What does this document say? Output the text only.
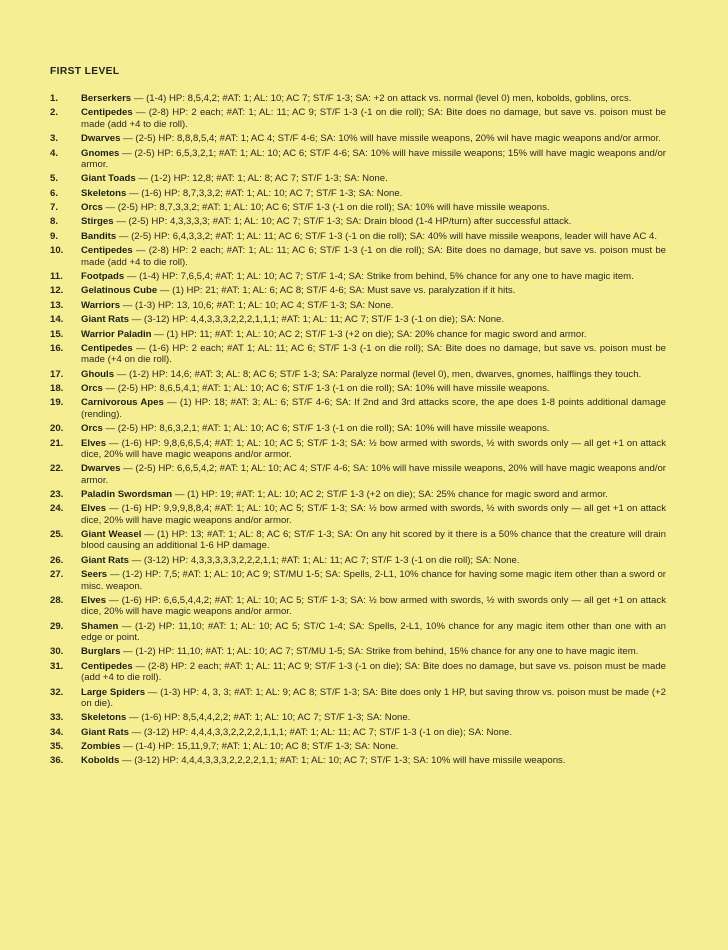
FIRST LEVEL
1.	Berserkers — (1-4) HP: 8,5,4,2; #AT: 1; AL: 10; AC 7; ST/F 1-3; SA: +2 on attack vs. normal (level 0) men, kobolds, goblins, orcs.
2.	Centipedes — (2-8) HP: 2 each; #AT: 1; AL: 11; AC 9; ST/F 1-3 (-1 on die roll); SA: Bite does no damage, but save vs. poison must be made (add +4 to die roll).
3.	Dwarves — (2-5) HP: 8,8,8,5,4; #AT: 1; AC 4; ST/F 4-6; SA: 10% will have missile weapons, 20% wil have magic weapons and/or armor.
4.	Gnomes — (2-5) HP: 6,5,3,2,1; #AT: 1; AL: 10; AC 6; ST/F 4-6; SA: 10% will have missile weapons; 15% will have magic weapons and/or armor.
5.	Giant Toads — (1-2) HP: 12,8; #AT: 1; AL: 8; AC 7; ST/F 1-3; SA: None.
6.	Skeletons — (1-6) HP: 8,7,3,3,2; #AT: 1; AL: 10; AC 7; ST/F 1-3; SA: None.
7.	Orcs — (2-5) HP: 8,7,3,3,2; #AT: 1; AL: 10; AC 6; ST/F 1-3 (-1 on die roll); SA: 10% will have missile weapons.
8.	Stirges — (2-5) HP: 4,3,3,3,3; #AT: 1; AL: 10; AC 7; ST/F 1-3; SA: Drain blood (1-4 HP/turn) after successful attack.
9.	Bandits — (2-5) HP: 6,4,3,3,2; #AT: 1; AL: 11; AC 6; ST/F 1-3 (-1 on die roll); SA: 40% will have missile weapons, leader will have AC 4.
10.	Centipedes — (2-8) HP: 2 each; #AT: 1; AL: 11; AC 6; ST/F 1-3 (-1 on die roll); SA: Bite does no damage, but save vs. poison must be made (add +4 to die roll).
11.	Footpads — (1-4) HP: 7,6,5,4; #AT: 1; AL: 10; AC 7; ST/F 1-4; SA: Strike from behind, 5% chance for any one to have magic item.
12.	Gelatinous Cube — (1) HP: 21; #AT: 1; AL: 6; AC 8; ST/F 4-6; SA: Must save vs. paralyzation if it hits.
13.	Warriors — (1-3) HP: 13, 10,6; #AT: 1; AL: 10; AC 4; ST/F 1-3; SA: None.
14.	Giant Rats — (3-12) HP: 4,4,3,3,3,2,2,2,1,1,1; #AT: 1; AL: 11; AC 7; ST/F 1-3 (-1 on die); SA: None.
15.	Warrior Paladin — (1) HP: 11; #AT: 1; AL: 10; AC 2; ST/F 1-3 (+2 on die); SA: 20% chance for magic sword and armor.
16.	Centipedes — (1-6) HP: 2 each; #AT 1; AL: 11; AC 6; ST/F 1-3 (-1 on die roll); SA: Bite does no damage, but save vs. poison must be made (+4 on die roll).
17.	Ghouls — (1-2) HP: 14,6; #AT: 3; AL: 8; AC 6; ST/F 1-3; SA: Paralyze normal (level 0), men, dwarves, gnomes, halflings they touch.
18.	Orcs — (2-5) HP: 8,6,5,4,1; #AT: 1; AL: 10; AC 6; ST/F 1-3 (-1 on die roll); SA: 10% will have missile weapons.
19.	Carnivorous Apes — (1) HP: 18; #AT: 3; AL: 6; ST/F 4-6; SA: If 2nd and 3rd attacks score, the ape does 1-8 points additional damage (rending).
20.	Orcs — (2-5) HP: 8,6,3,2,1; #AT: 1; AL: 10; AC 6; ST/F 1-3 (-1 on die roll); SA: 10% will have missile weapons.
21.	Elves — (1-6) HP: 9,8,6,6,5,4; #AT: 1; AL: 10; AC 5; ST/F 1-3; SA: ½ bow armed with swords, ½ with swords only — all get +1 on attack dice, 20% will have magic weapons and/or armor.
22.	Dwarves — (2-5) HP: 6,6,5,4,2; #AT: 1; AL: 10; AC 4; ST/F 4-6; SA: 10% will have missile weapons, 20% will have magic weapons and/or armor.
23.	Paladin Swordsman — (1) HP: 19; #AT: 1; AL: 10; AC 2; ST/F 1-3 (+2 on die); SA: 25% chance for magic sword and armor.
24.	Elves — (1-6) HP: 9,9,9,8,8,4; #AT: 1; AL: 10; AC 5; ST/F 1-3; SA: ½ bow armed with swords, ½ with swords only — all get +1 on attack dice, 20% will have magic weapons and/or armor.
25.	Giant Weasel — (1) HP: 13; #AT: 1; AL: 8; AC 6; ST/F 1-3; SA: On any hit scored by it there is a 50% chance that the creature will drain blood causing an additional 1-6 HP damage.
26.	Giant Rats — (3-12) HP: 4,3,3,3,3,3,2,2,2,1,1; #AT: 1; AL: 11; AC 7; ST/F 1-3 (-1 on die roll); SA: None.
27.	Seers — (1-2) HP: 7,5; #AT: 1; AL: 10; AC 9; ST/MU 1-5; SA: Spells, 2-L1, 10% chance for having some magic item other than a sword or misc. weapon.
28.	Elves — (1-6) HP: 6,6,5,4,4,2; #AT: 1; AL: 10; AC 5; ST/F 1-3; SA: ½ bow armed with swords, ½ with swords only — all get +1 on attack dice, 20% will have magic weapons and/or armor.
29.	Shamen — (1-2) HP: 11,10; #AT: 1; AL: 10; AC 5; ST/C 1-4; SA: Spells, 2-L1, 10% chance for any magic item other than one with an edge or point.
30.	Burglars — (1-2) HP: 11,10; #AT: 1; AL: 10; AC 7; ST/MU 1-5; SA: Strike from behind, 15% chance for any one to have magic item.
31.	Centipedes — (2-8) HP: 2 each; #AT: 1; AL: 11; AC 9; ST/F 1-3 (-1 on die); SA: Bite does no damage, but save vs. poison must be made (add +4 to die roll).
32.	Large Spiders — (1-3) HP: 4, 3, 3; #AT: 1; AL: 9; AC 8; ST/F 1-3; SA: Bite does only 1 HP, but saving throw vs. poison must be made (+2 on die).
33.	Skeletons — (1-6) HP: 8,5,4,4,2,2; #AT: 1; AL: 10; AC 7; ST/F 1-3; SA: None.
34.	Giant Rats — (3-12) HP: 4,4,4,3,3,2,2,2,2,1,1,1; #AT: 1; AL: 11; AC 7; ST/F 1-3 (-1 on die); SA: None.
35.	Zombies — (1-4) HP: 15,11,9,7; #AT: 1; AL: 10; AC 8; ST/F 1-3; SA: None.
36.	Kobolds — (3-12) HP: 4,4,4,3,3,3,2,2,2,2,1,1; #AT: 1; AL: 10; AC 7; ST/F 1-3; SA: 10% will have missile weapons.
